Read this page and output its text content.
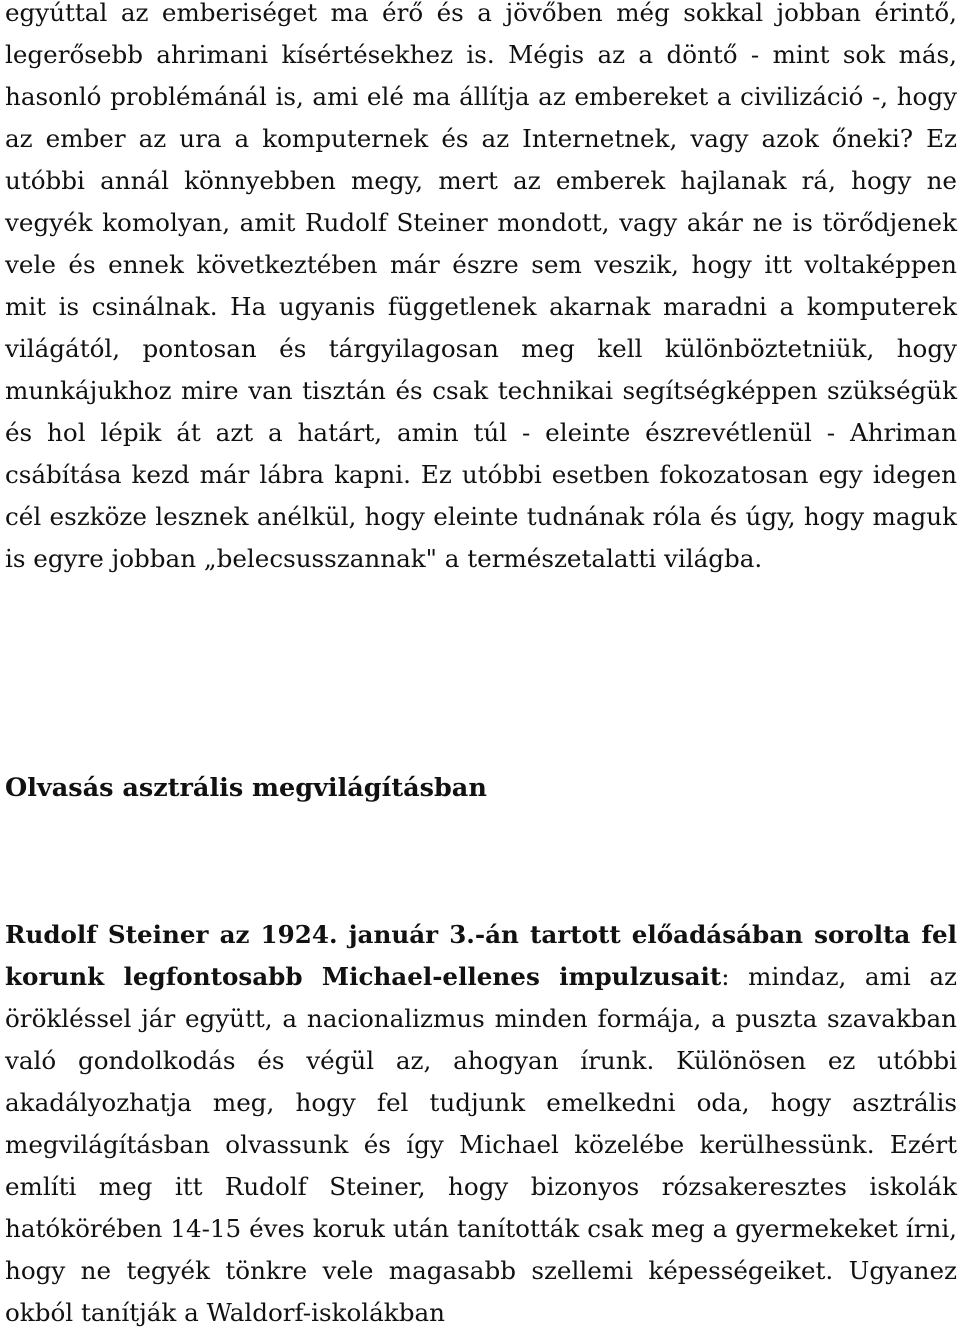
egyúttal az emberiséget ma érő és a jövőben még sokkal jobban érintő, legerősebb ahrimani kísértésekhez is. Mégis az a döntő - mint sok más, hasonló problémánál is, ami elé ma állítja az embereket a civilizáció -, hogy az ember az ura a komputernek és az Internetnek, vagy azok őneki? Ez utóbbi annál könnyebben megy, mert az emberek hajlanak rá, hogy ne vegyék komolyan, amit Rudolf Steiner mondott, vagy akár ne is törődjenek vele és ennek következtében már észre sem veszik, hogy itt voltaképpen mit is csinálnak. Ha ugyanis függetlenek akarnak maradni a komputerek világától, pontosan és tárgyilagosan meg kell különböztetniük, hogy munkájukhoz mire van tisztán és csak technikai segítségképpen szükségük és hol lépik át azt a határt, amin túl - eleinte észrevétlenül - Ahriman csábítása kezd már lábra kapni. Ez utóbbi esetben fokozatosan egy idegen cél eszköze lesznek anélkül, hogy eleinte tudnának róla és úgy, hogy maguk is egyre jobban „belecsusszannak" a természetalatti világba.

Olvasás asztrális megvilágításban

Rudolf Steiner az 1924. január 3.-án tartott előadásában sorolta fel korunk legfontosabb Michael-ellenes impulzusait: mindaz, ami az örökléssel jár együtt, a nacionalizmus minden formája, a puszta szavakban való gondolkodás és végül az, ahogyan írunk. Különösen ez utóbbi akadályozhatja meg, hogy fel tudjunk emelkedni oda, hogy asztrális megvilágításban olvassunk és így Michael közelébe kerülhessünk. Ezért említi meg itt Rudolf Steiner, hogy bizonyos rózsakeresztes iskolák hatókörében 14-15 éves koruk után tanították csak meg a gyermekeket írni, hogy ne tegyék tönkre vele magasabb szellemi képességeiket. Ugyanez okból tanítják a Waldorf-iskolákban
